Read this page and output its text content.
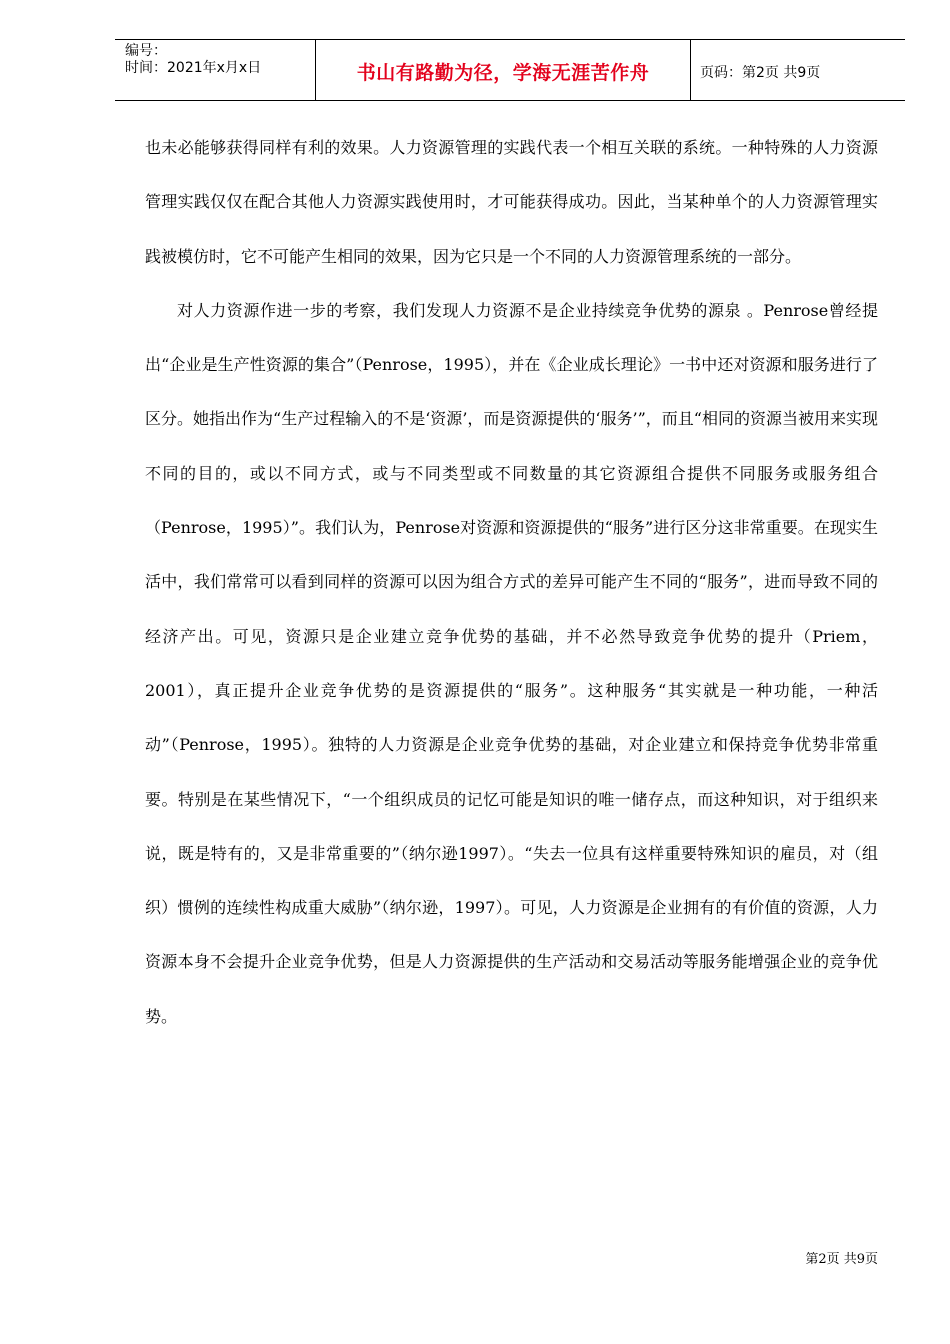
编号：
时间：2021年x月x日	书山有路勤为径，学海无涯苦作舟	页码：第2页 共9页

也未必能够获得同样有利的效果。人力资源管理的实践代表一个相互关联的系统。一种特殊的人力资源管理实践仅仅在配合其他人力资源实践使用时，才可能获得成功。因此，当某种单个的人力资源管理实践被模仿时，它不可能产生相同的效果，因为它只是一个不同的人力资源管理系统的一部分。

对人力资源作进一步的考察，我们发现人力资源不是企业持续竞争优势的源泉 。Penrose曾经提出“企业是生产性资源的集合”（Penrose，1995），并在《企业成长理论》一书中还对资源和服务进行了区分。她指出作为“生产过程输入的不是‘资源’，而是资源提供的‘服务’”，而且“相同的资源当被用来实现不同的目的，或以不同方式，或与不同类型或不同数量的其它资源组合提供不同服务或服务组合（Penrose，1995）”。我们认为，Penrose对资源和资源提供的“服务”进行区分这非常重要。在现实生活中，我们常常可以看到同样的资源可以因为组合方式的差异可能产生不同的“服务”，进而导致不同的经济产出。可见，资源只是企业建立竞争优势的基础，并不必然导致竞争优势的提升（Priem，2001），真正提升企业竞争优势的是资源提供的“服务”。这种服务“其实就是一种功能，一种活动”（Penrose，1995）。独特的人力资源是企业竞争优势的基础，对企业建立和保持竞争优势非常重要。特别是在某些情况下，“一个组织成员的记忆可能是知识的唯一储存点，而这种知识，对于组织来说，既是特有的，又是非常重要的”（纳尔逊1997）。“失去一位具有这样重要特殊知识的雇员，对（组织）惯例的连续性构成重大威胁”（纳尔逊，1997）。可见，人力资源是企业拥有的有价值的资源，人力资源本身不会提升企业竞争优势，但是人力资源提供的生产活动和交易活动等服务能增强企业的竞争优势。

第2页 共9页
